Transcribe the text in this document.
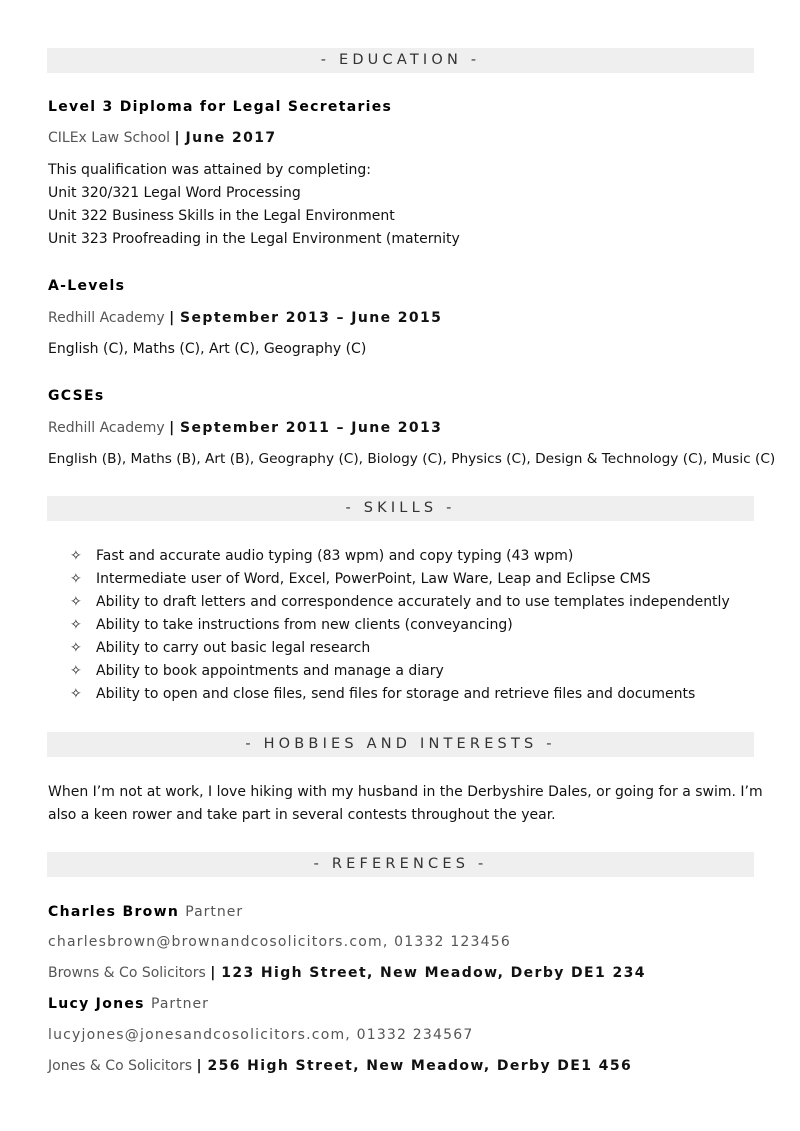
- EDUCATION -
Level 3 Diploma for Legal Secretaries
CILEx Law School | June 2017
This qualification was attained by completing:
Unit 320/321 Legal Word Processing
Unit 322 Business Skills in the Legal Environment
Unit 323 Proofreading in the Legal Environment (maternity
A-Levels
Redhill Academy | September 2013 – June 2015
English (C), Maths (C), Art (C), Geography (C)
GCSEs
Redhill Academy | September 2011 – June 2013
English (B), Maths (B), Art (B), Geography (C), Biology (C), Physics (C), Design & Technology (C), Music (C)
- SKILLS -
✧ Fast and accurate audio typing (83 wpm) and copy typing (43 wpm)
✧ Intermediate user of Word, Excel, PowerPoint, Law Ware, Leap and Eclipse CMS
✧ Ability to draft letters and correspondence accurately and to use templates independently
✧ Ability to take instructions from new clients (conveyancing)
✧ Ability to carry out basic legal research
✧ Ability to book appointments and manage a diary
✧ Ability to open and close files, send files for storage and retrieve files and documents
- HOBBIES AND INTERESTS -
When I’m not at work, I love hiking with my husband in the Derbyshire Dales, or going for a swim. I’m
also a keen rower and take part in several contests throughout the year.
- REFERENCES -
Charles Brown Partner
charlesbrown@brownandcosolicitors.com, 01332 123456
Browns & Co Solicitors | 123 High Street, New Meadow, Derby DE1 234
Lucy Jones Partner
lucyjones@jonesandcosolicitors.com, 01332 234567
Jones & Co Solicitors | 256 High Street, New Meadow, Derby DE1 456
